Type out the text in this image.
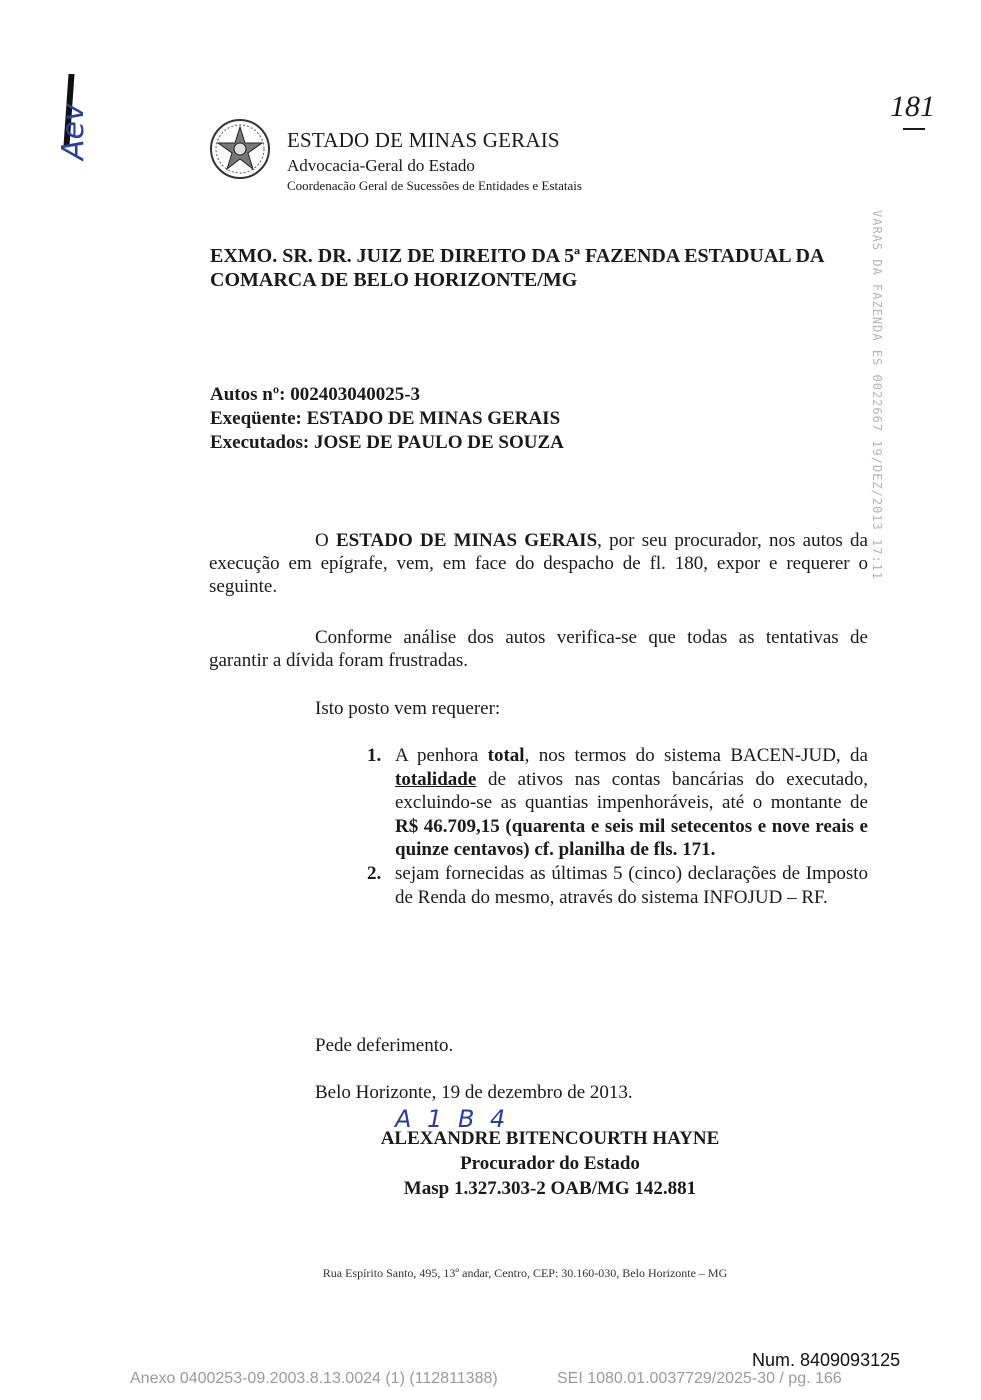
Aev	181
ESTADO DE MINAS GERAIS
Advocacia-Geral do Estado
Coordenacão Geral de Sucessões de Entidades e Estatais
VARAS DA FAZENDA ES 0022667 19/DEZ/2013 17:11
EXMO. SR. DR. JUIZ DE DIREITO DA 5ª FAZENDA ESTADUAL DA
COMARCA DE BELO HORIZONTE/MG
Autos nº: 002403040025-3
Exeqüente: ESTADO DE MINAS GERAIS
Executados: JOSE DE PAULO DE SOUZA
O ESTADO DE MINAS GERAIS, por seu procurador, nos autos da execução em epígrafe, vem, em face do despacho de fl. 180, expor e requerer o seguinte.
Conforme análise dos autos verifica-se que todas as tentativas de garantir a dívida foram frustradas.
Isto posto vem requerer:
1. A penhora total, nos termos do sistema BACEN-JUD, da totalidade de ativos nas contas bancárias do executado, excluindo-se as quantias impenhoráveis, até o montante de R$ 46.709,15 (quarenta e seis mil setecentos e nove reais e quinze centavos) cf. planilha de fls. 171.
2. sejam fornecidas as últimas 5 (cinco) declarações de Imposto de Renda do mesmo, através do sistema INFOJUD – RF.
Pede deferimento.
Belo Horizonte, 19 de dezembro de 2013.
A 1 B 4
ALEXANDRE BITENCOURTH HAYNE
Procurador do Estado
Masp 1.327.303-2 OAB/MG 142.881
Rua Espírito Santo, 495, 13º andar, Centro, CEP: 30.160-030, Belo Horizonte – MG
Num. 8409093125
Anexo 0400253-09.2003.8.13.0024 (1) (112811388)	SEI 1080.01.0037729/2025-30 / pg. 166
